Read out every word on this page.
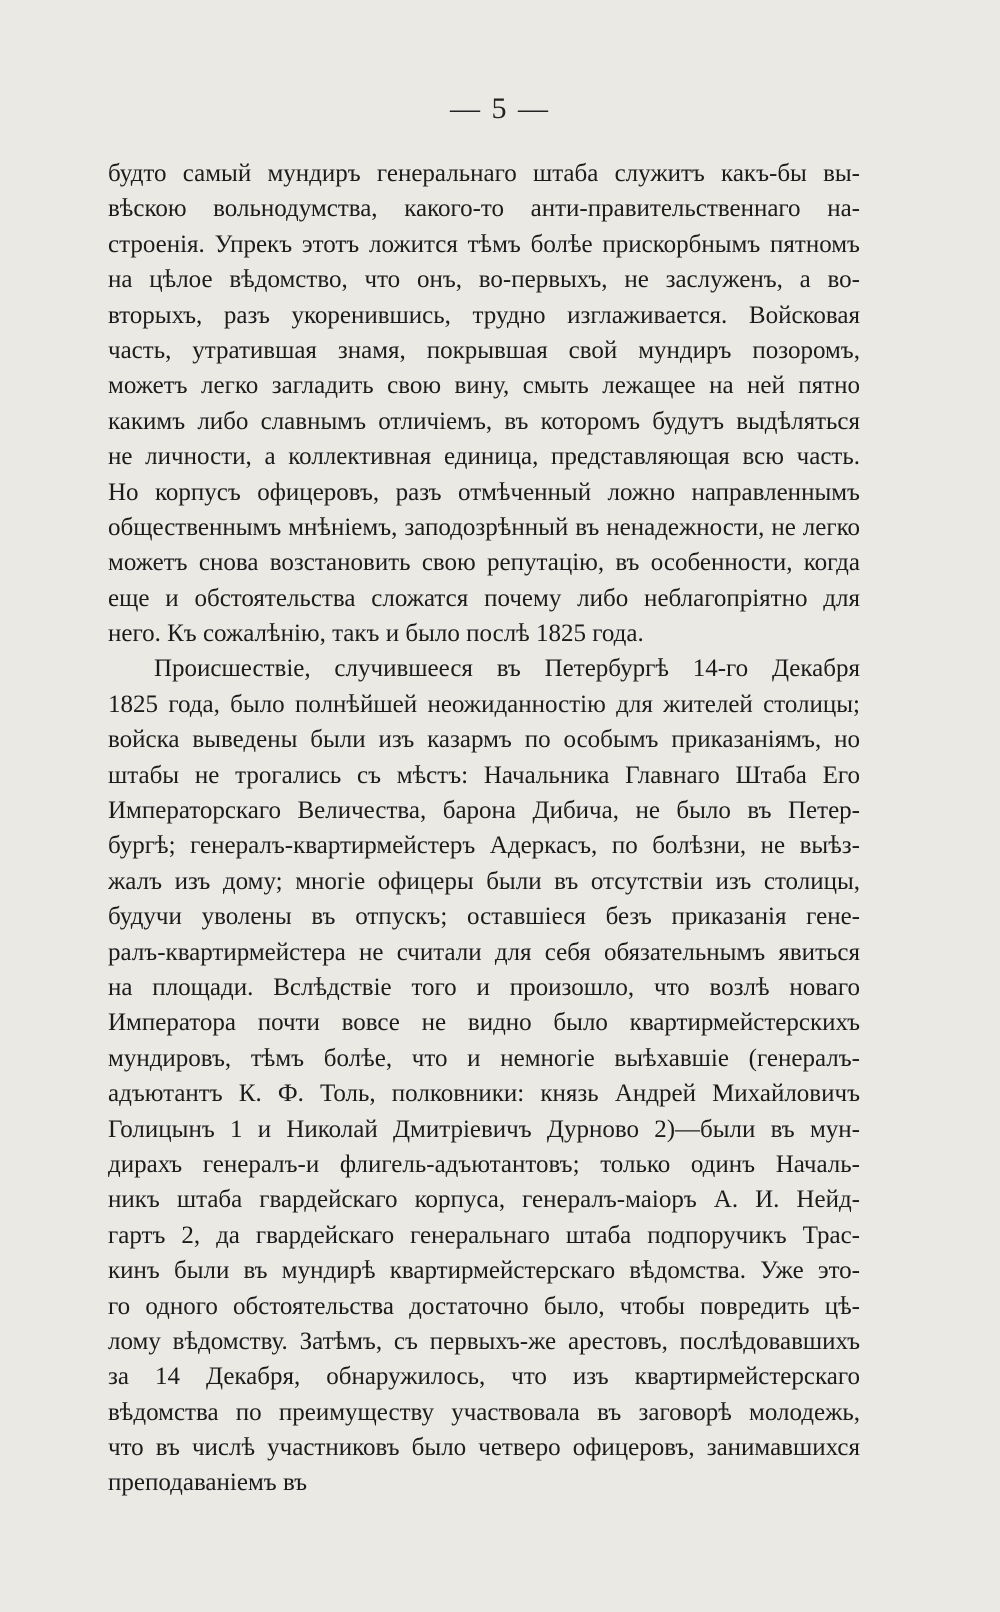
— 5 —
будто самый мундиръ генеральнаго штаба служитъ какъ-бы вы-
вѣскою вольнодумства, какого-то анти-правительственнаго на-
строенія. Упрекъ этотъ ложится тѣмъ болѣе прискорбнымъ пятномъ
на цѣлое вѣдомство, что онъ, во-первыхъ, не заслуженъ, а во-
вторыхъ, разъ укоренившись, трудно изглаживается. Войсковая
часть, утратившая знамя, покрывшая свой мундиръ позоромъ,
можетъ легко загладить свою вину, смыть лежащее на ней пятно
какимъ либо славнымъ отличіемъ, въ которомъ будутъ выдѣляться
не личности, а коллективная единица, представляющая всю часть.
Но корпусъ офицеровъ, разъ отмѣченный ложно направленнымъ
общественнымъ мнѣніемъ, заподозрѣнный въ ненадежности, не легко
можетъ снова возстановить свою репутацію, въ особенности, когда
еще и обстоятельства сложатся почему либо неблагопріятно для
него. Къ сожалѣнію, такъ и было послѣ 1825 года.
Происшествіе, случившееся въ Петербургѣ 14-го Декабря
1825 года, было полнѣйшей неожиданностію для жителей столицы;
войска выведены были изъ казармъ по особымъ приказаніямъ, но
штабы не трогались съ мѣстъ: Начальника Главнаго Штаба Его
Императорскаго Величества, барона Дибича, не было въ Петер-
бургѣ; генералъ-квартирмейстеръ Адеркасъ, по болѣзни, не выѣз-
жалъ изъ дому; многіе офицеры были въ отсутствіи изъ столицы,
будучи уволены въ отпускъ; оставшіеся безъ приказанія гене-
ралъ-квартирмейстера не считали для себя обязательнымъ явиться
на площади. Вслѣдствіе того и произошло, что возлѣ новаго
Императора почти вовсе не видно было квартирмейстерскихъ
мундировъ, тѣмъ болѣе, что и немногіе выѣхавшіе (генералъ-
адъютантъ К. Ф. Толь, полковники: князь Андрей Михайловичъ
Голицынъ 1 и Николай Дмитріевичъ Дурново 2)—были въ мун-
дирахъ генералъ-и флигель-адъютантовъ; только одинъ Началь-
никъ штаба гвардейскаго корпуса, генералъ-маіоръ А. И. Нейд-
гартъ 2, да гвардейскаго генеральнаго штаба подпоручикъ Трас-
кинъ были въ мундирѣ квартирмейстерскаго вѣдомства. Уже это-
го одного обстоятельства достаточно было, чтобы повредить цѣ-
лому вѣдомству. Затѣмъ, съ первыхъ-же арестовъ, послѣдовавшихъ
за 14 Декабря, обнаружилось, что изъ квартирмейстерскаго
вѣдомства по преимуществу участвовала въ заговорѣ молодежь,
что въ числѣ участниковъ было четверо офицеровъ, занимавшихся
преподаваніемъ въ
